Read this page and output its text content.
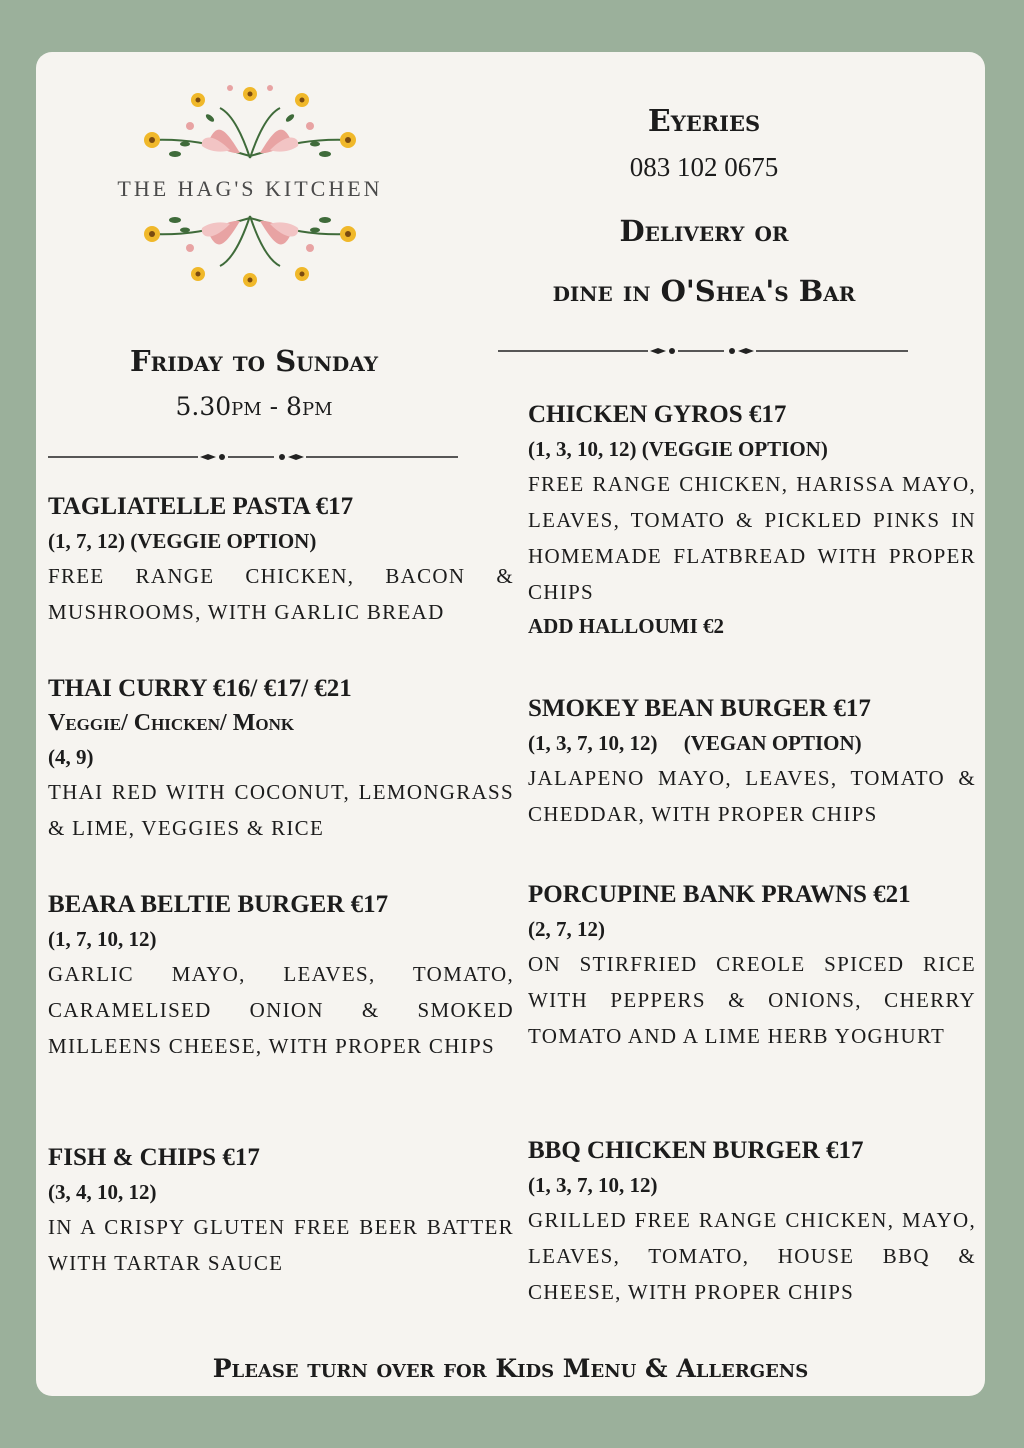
THE HAG'S KITCHEN
Friday to Sunday
5.30pm - 8pm
Eyeries
083 102 0675
Delivery or
dine in O'Shea's Bar
TAGLIATELLE PASTA €17
(1, 7, 12) (VEGGIE OPTION)

FREE RANGE CHICKEN, BACON & MUSHROOMS, WITH GARLIC BREAD

THAI CURRY €16/ €17/ €21
Veggie/ Chicken/ Monk
(4, 9)

THAI RED WITH COCONUT, LEMONGRASS & LIME, VEGGIES & RICE

BEARA BELTIE BURGER €17
(1, 7, 10, 12)

GARLIC MAYO, LEAVES, TOMATO, CARAMELISED ONION & SMOKED MILLEENS CHEESE, WITH PROPER CHIPS

FISH & CHIPS €17
(3, 4, 10, 12)

IN A CRISPY GLUTEN FREE BEER BATTER WITH TARTAR SAUCE

CHICKEN GYROS €17
(1, 3, 10, 12) (VEGGIE OPTION)

FREE RANGE CHICKEN, HARISSA MAYO, LEAVES, TOMATO & PICKLED PINKS IN HOMEMADE FLATBREAD WITH PROPER CHIPS

ADD HALLOUMI €2
SMOKEY BEAN BURGER €17
(1, 3, 7, 10, 12)     (VEGAN OPTION)

JALAPENO MAYO, LEAVES, TOMATO & CHEDDAR, WITH PROPER CHIPS

PORCUPINE BANK PRAWNS €21
(2, 7, 12)

ON STIRFRIED CREOLE SPICED RICE WITH PEPPERS & ONIONS, CHERRY TOMATO AND A LIME HERB YOGHURT

BBQ CHICKEN BURGER €17
(1, 3, 7, 10, 12)

GRILLED FREE RANGE CHICKEN, MAYO, LEAVES, TOMATO, HOUSE BBQ & CHEESE, WITH PROPER CHIPS

Please turn over for Kids Menu & Allergens
